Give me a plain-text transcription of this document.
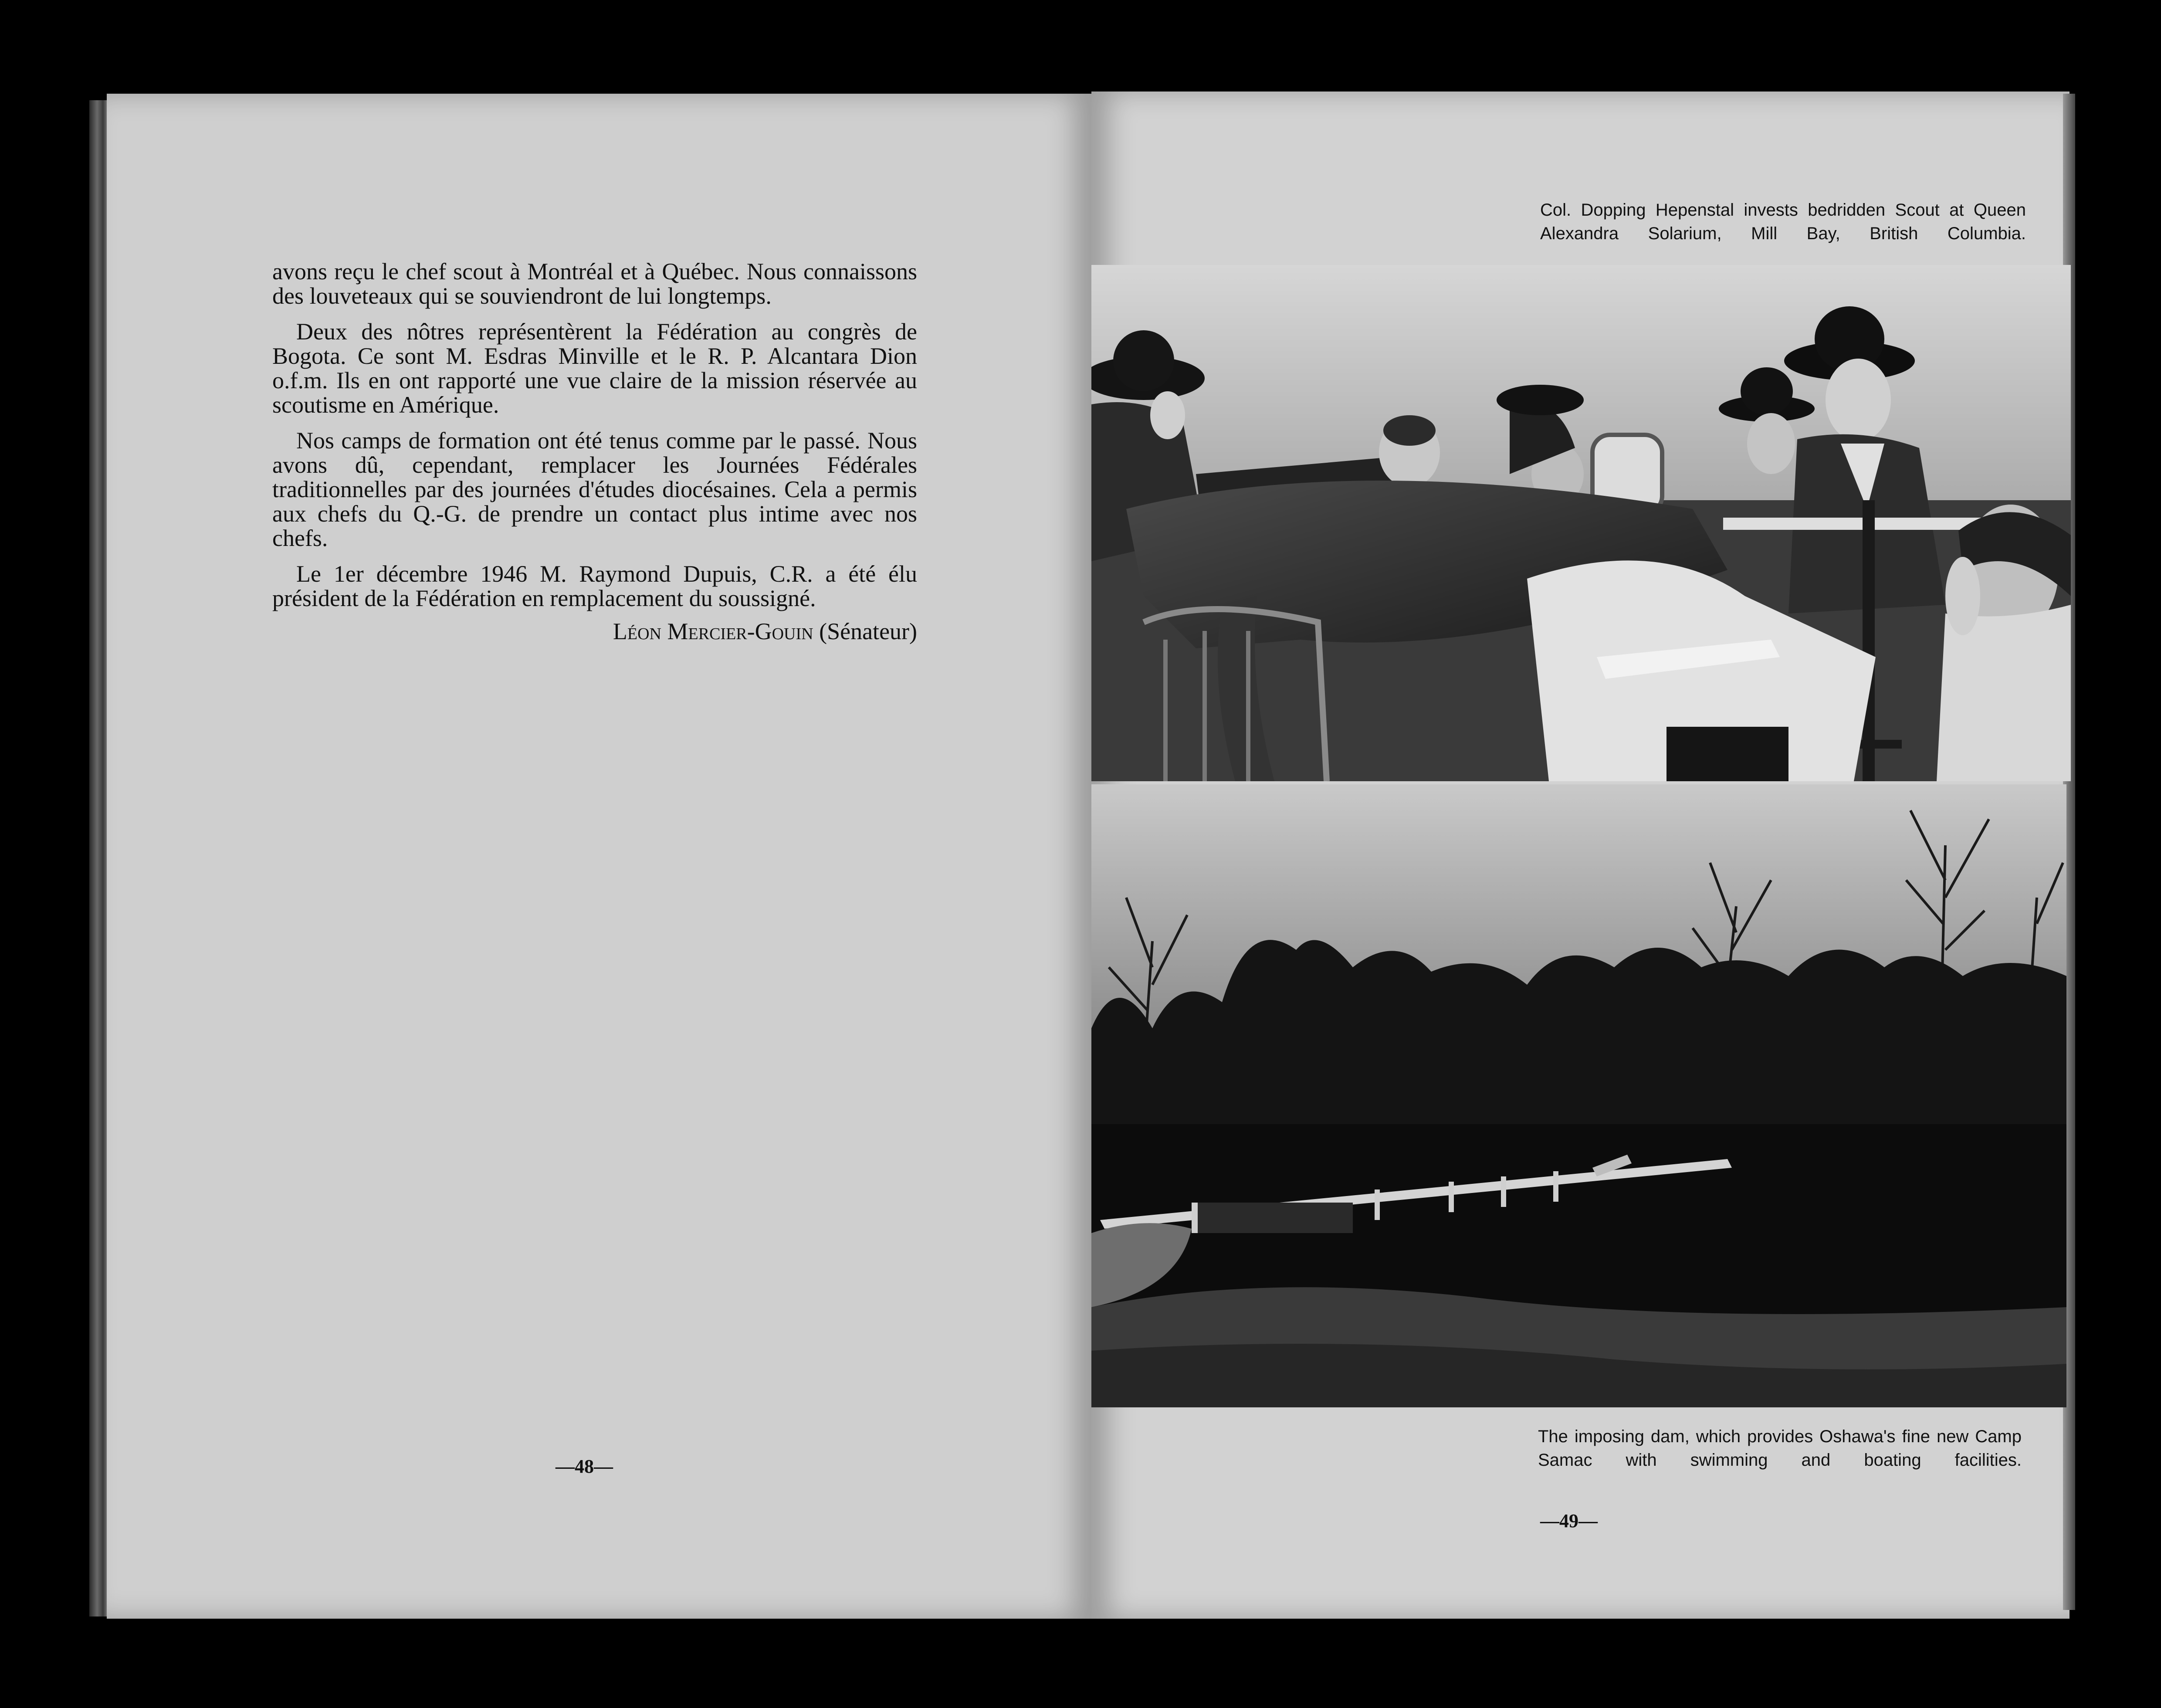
avons reçu le chef scout à Montréal et à Québec. Nous connaissons des louveteaux qui se souviendront de lui longtemps.

Deux des nôtres représentèrent la Fédération au congrès de Bogota. Ce sont M. Esdras Minville et le R. P. Alcantara Dion o.f.m. Ils en ont rapporté une vue claire de la mission réservée au scoutisme en Amérique.

Nos camps de formation ont été tenus comme par le passé. Nous avons dû, cependant, remplacer les Journées Fédérales traditionnelles par des journées d'études diocésaines. Cela a permis aux chefs du Q.-G. de prendre un contact plus intime avec nos chefs.

Le 1er décembre 1946 M. Raymond Dupuis, C.R. a été élu président de la Fédération en remplacement du soussigné.

Léon Mercier-Gouin (Sénateur)
—48—
Col. Dopping Hepenstal invests bedridden Scout at Queen Alexandra Solarium, Mill Bay, British Columbia.
The imposing dam, which provides Oshawa's fine new Camp Samac with swimming and boating facilities.
—49—
